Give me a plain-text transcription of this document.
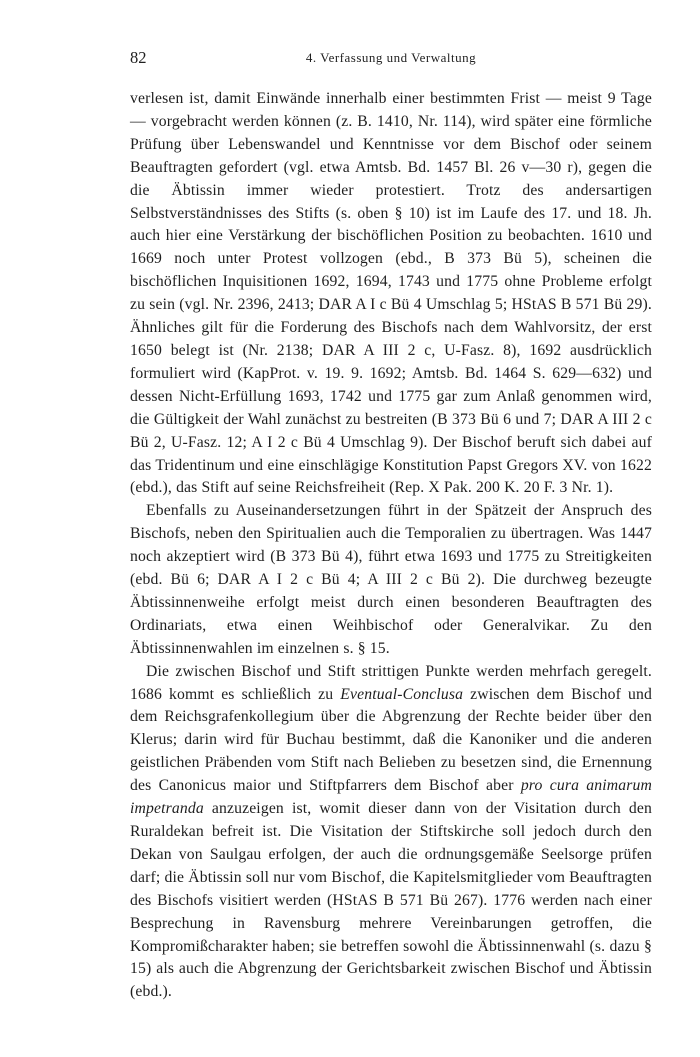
82	4. Verfassung und Verwaltung

verlesen ist, damit Einwände innerhalb einer bestimmten Frist — meist 9 Tage — vorgebracht werden können (z. B. 1410, Nr. 114), wird später eine förmliche Prüfung über Lebenswandel und Kenntnisse vor dem Bischof oder seinem Beauftragten gefordert (vgl. etwa Amtsb. Bd. 1457 Bl. 26 v—30 r), gegen die die Äbtissin immer wieder protestiert. Trotz des andersartigen Selbstverständnisses des Stifts (s. oben § 10) ist im Laufe des 17. und 18. Jh. auch hier eine Verstärkung der bischöflichen Position zu beobachten. 1610 und 1669 noch unter Protest vollzogen (ebd., B 373 Bü 5), scheinen die bischöflichen Inquisitionen 1692, 1694, 1743 und 1775 ohne Probleme erfolgt zu sein (vgl. Nr. 2396, 2413; DAR A I c Bü 4 Umschlag 5; HStAS B 571 Bü 29). Ähnliches gilt für die Forderung des Bischofs nach dem Wahlvorsitz, der erst 1650 belegt ist (Nr. 2138; DAR A III 2 c, U-Fasz. 8), 1692 ausdrücklich formuliert wird (KapProt. v. 19. 9. 1692; Amtsb. Bd. 1464 S. 629—632) und dessen Nicht-Erfüllung 1693, 1742 und 1775 gar zum Anlaß genommen wird, die Gültigkeit der Wahl zunächst zu bestreiten (B 373 Bü 6 und 7; DAR A III 2 c Bü 2, U-Fasz. 12; A I 2 c Bü 4 Umschlag 9). Der Bischof beruft sich dabei auf das Tridentinum und eine einschlägige Konstitution Papst Gregors XV. von 1622 (ebd.), das Stift auf seine Reichsfreiheit (Rep. X Pak. 200 K. 20 F. 3 Nr. 1).

Ebenfalls zu Auseinandersetzungen führt in der Spätzeit der Anspruch des Bischofs, neben den Spiritualien auch die Temporalien zu übertragen. Was 1447 noch akzeptiert wird (B 373 Bü 4), führt etwa 1693 und 1775 zu Streitigkeiten (ebd. Bü 6; DAR A I 2 c Bü 4; A III 2 c Bü 2). Die durchweg bezeugte Äbtissinnenweihe erfolgt meist durch einen besonderen Beauftragten des Ordinariats, etwa einen Weihbischof oder Generalvikar. Zu den Äbtissinnenwahlen im einzelnen s. § 15.

Die zwischen Bischof und Stift strittigen Punkte werden mehrfach geregelt. 1686 kommt es schließlich zu Eventual-Conclusa zwischen dem Bischof und dem Reichsgrafenkollegium über die Abgrenzung der Rechte beider über den Klerus; darin wird für Buchau bestimmt, daß die Kanoniker und die anderen geistlichen Präbenden vom Stift nach Belieben zu besetzen sind, die Ernennung des Canonicus maior und Stiftpfarrers dem Bischof aber pro cura animarum impetranda anzuzeigen ist, womit dieser dann von der Visitation durch den Ruraldekan befreit ist. Die Visitation der Stiftskirche soll jedoch durch den Dekan von Saulgau erfolgen, der auch die ordnungsgemäße Seelsorge prüfen darf; die Äbtissin soll nur vom Bischof, die Kapitelsmitglieder vom Beauftragten des Bischofs visitiert werden (HStAS B 571 Bü 267). 1776 werden nach einer Besprechung in Ravensburg mehrere Vereinbarungen getroffen, die Kompromißcharakter haben; sie betreffen sowohl die Äbtissinnenwahl (s. dazu § 15) als auch die Abgrenzung der Gerichtsbarkeit zwischen Bischof und Äbtissin (ebd.).
